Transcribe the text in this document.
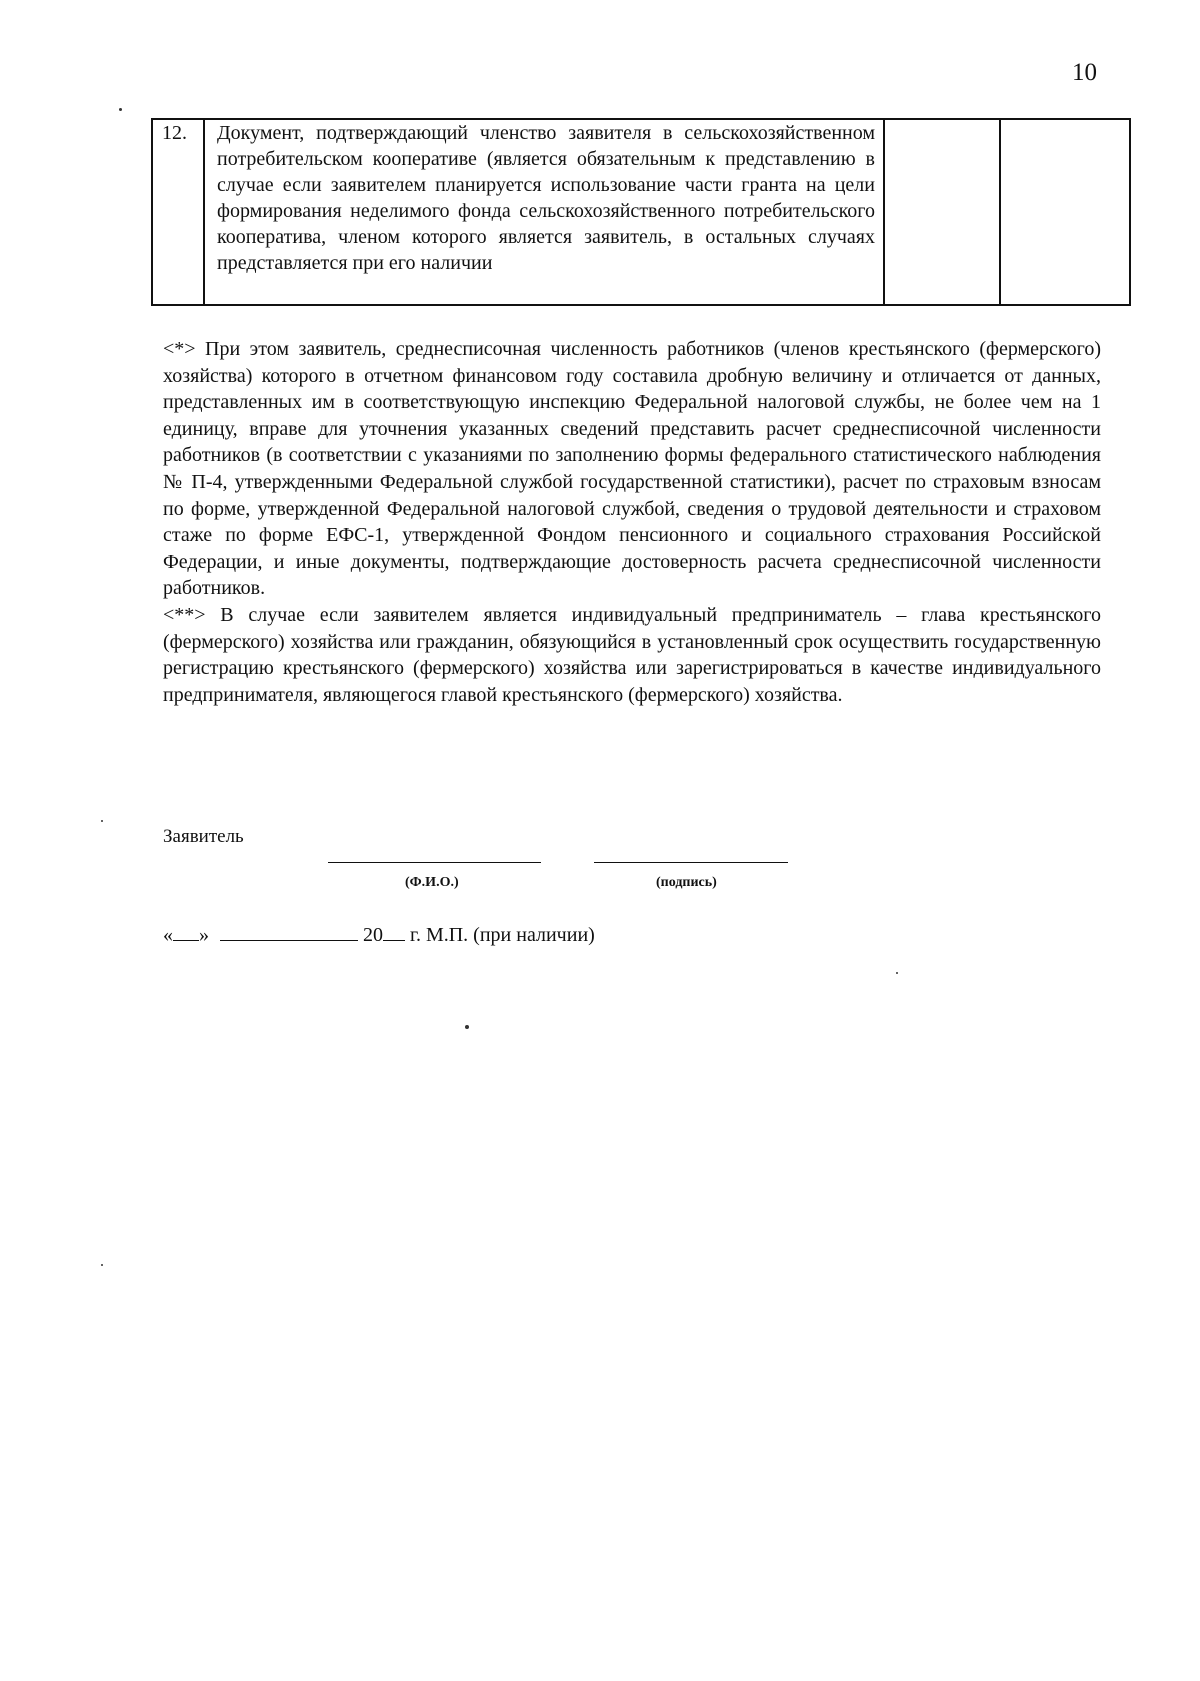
10
12.	Документ, подтверждающий членство заявителя в сельскохозяйственном потребительском кооперативе (является обязательным к представлению в случае если заявителем планируется использование части гранта на цели формирования неделимого фонда сельскохозяйственного потребительского кооператива, членом которого является заявитель, в остальных случаях представляется при его наличии

<*> При этом заявитель, среднесписочная численность работников (членов крестьянского (фермерского) хозяйства) которого в отчетном финансовом году составила дробную величину и отличается от данных, представленных им в соответствующую инспекцию Федеральной налоговой службы, не более чем на 1 единицу, вправе для уточнения указанных сведений представить расчет среднесписочной численности работников (в соответствии с указаниями по заполнению формы федерального статистического наблюдения № П-4, утвержденными Федеральной службой государственной статистики), расчет по страховым взносам по форме, утвержденной Федеральной налоговой службой, сведения о трудовой деятельности и страховом стаже по форме ЕФС-1, утвержденной Фондом пенсионного и социального страхования Российской Федерации, и иные документы, подтверждающие достоверность расчета среднесписочной численности работников.

<**> В случае если заявителем является индивидуальный предприниматель – глава крестьянского (фермерского) хозяйства или гражданин, обязующийся в установленный срок осуществить государственную регистрацию крестьянского (фермерского) хозяйства или зарегистрироваться в качестве индивидуального предпринимателя, являющегося главой крестьянского (фермерского) хозяйства.

Заявитель
(Ф.И.О.)	(подпись)
« »	20 г. М.П. (при наличии)
